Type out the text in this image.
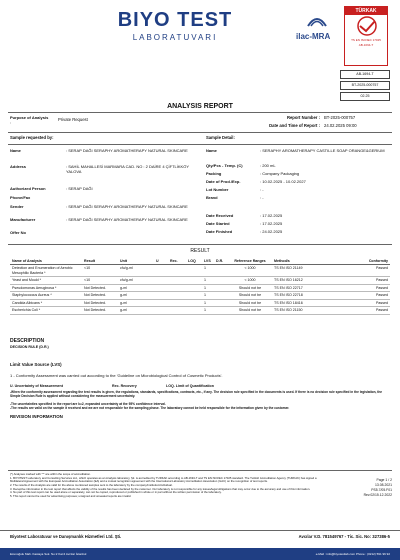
BIYO TEST
LABORATUVARI	ilac-MRA
TÜRKAK
TS EN ISO/IEC 17025
AB-1694-T
AB-1694-T
BT-2025-000757
02.25
ANALYSIS REPORT
Purpose of Analysis
:
Private Request	Report Number : BT-2025-000757
Date and Time of Report : 24.02.2025 09:00
Sample requested by:	Sample Detail:
Name	: SERAP DAĞI SERAPHY AROMATHERAPY NATURAL SKINCARE
Address	: SAHİL MAHALLESİ MARMARA CAD. NO : 2 DAİRE 4 ÇİFTLİKKÖY YALOVA
Authorized Person	: SERAP DAĞI
Phone/Fax
Sender	: SERAP DAĞI SERAPHY AROMATHERAPY NATURAL SKINCARE
Manufacturer	: SERAP DAĞI SERAPHY AROMATHERAPY NATURAL SKINCARE
Offer No
Name	: SERAPHY AROMATHERAPY CASTILLE SOAP ORANGE&GERIUM
Qty/Pcs - Temp. (C)	: 200 mL
Packing	: Company Packaging
Date of Prod./Exp.	: 10.02.2025 - 10.02.2027
Lot Number	: -
Brand	: -
Date Received	: 17.02.2025
Date Started	: 17.02.2025
Date Finished	: 24.02.2025
RESULT
Name of Analysis	Result	Unit	U	Rec.	LOQ	LVS	D.R.	Reference Ranges	Method/s	Conformity
Detection and Enumeration of Aerobic Mesophilic Bacteria *	<10	cfu/g-ml				1		< 1000	TS EN ISO 21149	Passed
Yeast and Mould *	<10	cfu/g-ml				1		< 1000	TS EN ISO 16212	Passed
Pseudomonas Aeruginosa *	Not Detected.	g-ml				1		Should not be	TS EN ISO 22717	Passed
Staphylococcus Aureus *	Not Detected.	g-ml				1		Should not be	TS EN ISO 22718	Passed
Candida Albicans *	Not Detected.	g-ml				1		Should not be	TS EN ISO 18416	Passed
Escherichia Coli *	Not Detected.	g-ml				1		Should not be	TS EN ISO 21150	Passed
DESCRIPTION
DECISION RULE (D.R.)
Limit Value Source (LVS)
1 - Conformity Assessment was carried out according to the 'Guideline on Microbiological Control of Cosmetic Products'.
U. Uncertainty of Measurement	Rec. Recovery	LOQ. Limit of Quantification
-When the conformity assessment regarding the test results is given, the regulations, standards, specifications, contracts, etc., if any. The decision rule specified in the documents is used. If there is no decision rule specified in the legislation, the Simple Decision Rule is applied without considering the measurement uncertainty.
-The uncertainties specified in the report are k=2, expanded uncertainty at the 95% confidence interval.
-The results are valid on the sample it received and we are not responsible for the sampling phase. The laboratory cannot be held responsible for the information given by the customer.
REVISION INFORMATION
(*) Analyses marked with "*" are within the scope of accreditation.
1. BIYOTEST Laboratory and Consulting Services Ltd., which operates as an Analysis laboratory, Şti. is accredited by TURKAK according to AB-1694-T and TS EN ISO/IEC 17025 standard. The Turkish Accreditation Agency (TURKAK) has signed a Multilateral Agreement with the European Accreditation Association (EA) and a mutual recognition agreement with the International Laboratory Accreditation Association (ILAC) on the recognition of test reports.
2. The results of the Analysis are valid for the above mentioned samples sent to the laboratory by the company/institution/individual.
3. Deceptive information in the test report that affects the validity of the results has been declared by the customer. Our laboratory is not responsible for any losses/legal obligations that may occur due to the accuracy and use of this information.
4. No part of this test report can be used alone or separately, can not be copied, reproduced or published in whole or in part without the written permission of the laboratory.
5. This report cannot be used for advertising purposes; unsigned and unsealed reports are invalid.
Page 1 / 2
13.08.2021
PS5.7/05.F01
Rev.02/15.12.2022
Biyotest Laboratuvar ve Danışmanlık Hizmetleri Ltd. Şti.	Avcılar V.D. 781549767 - Tic. Sic. No: 327386-5
Ezenoğulu Mah. Kastaya Sok. No:2 Kat:4 Avcılar İstanbul	e-Mail : info@biyotestlab.com Phone : (0212) 591 96 92
